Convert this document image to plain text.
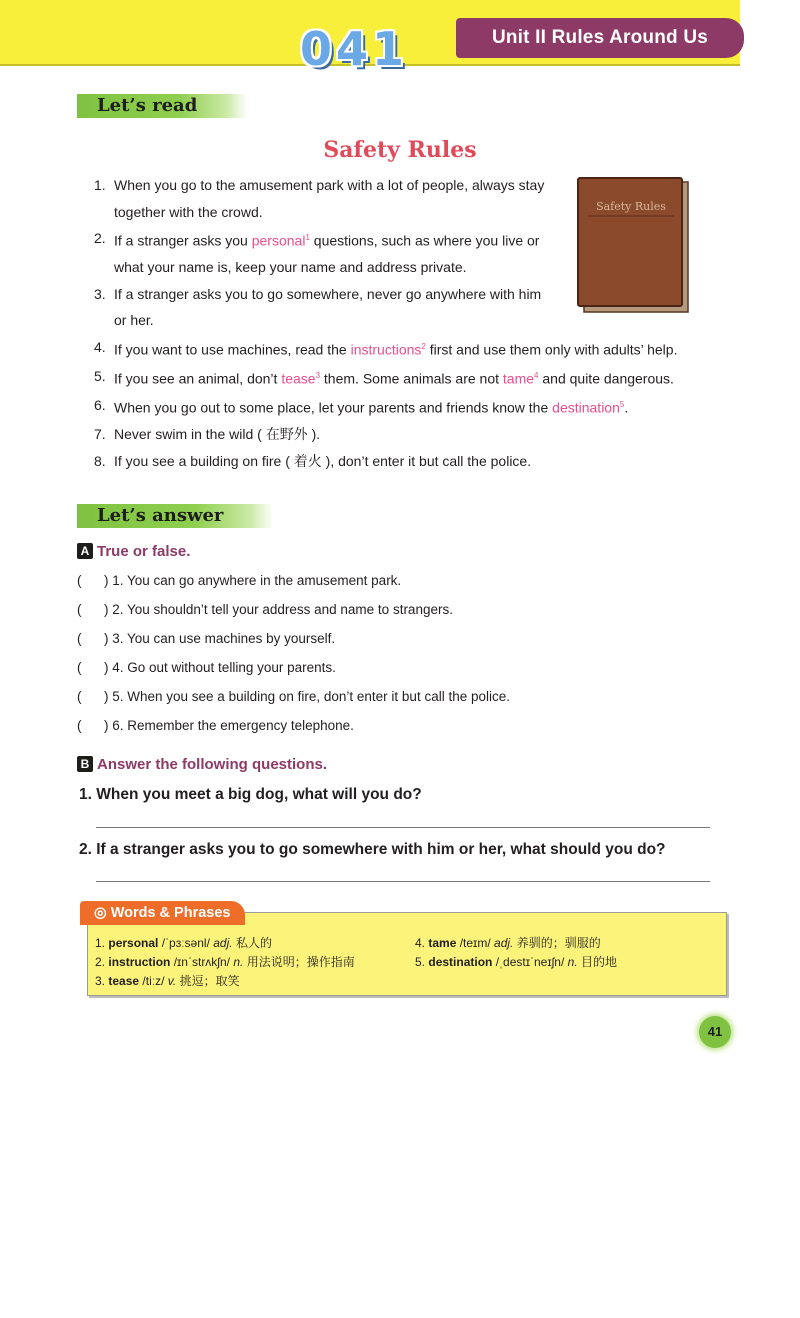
041	Unit II Rules Around Us
Let’s read
Safety Rules
1. When you go to the amusement park with a lot of people, always stay
together with the crowd.
2. If a stranger asks you personal$^1$ questions, such as where you live or
what your name is, keep your name and address private.
3. If a stranger asks you to go somewhere, never go anywhere with him
or her.
4. If you want to use machines, read the instructions$^2$ first and use them only with adults’ help.
5. If you see an animal, don’t tease$^3$ them. Some animals are not tame$^4$ and quite dangerous.
6. When you go out to some place, let your parents and friends know the destination$^5$.
7. Never swim in the wild ( 在野外 ).
8. If you see a building on fire ( 着火 ), don’t enter it but call the police.
Safety Rules
Let’s answer
A True or false.
(      ) 1. You can go anywhere in the amusement park.
(      ) 2. You shouldn’t tell your address and name to strangers.
(      ) 3. You can use machines by yourself.
(      ) 4. Go out without telling your parents.
(      ) 5. When you see a building on fire, don’t enter it but call the police.
(      ) 6. Remember the emergency telephone.
B Answer the following questions.
1. When you meet a big dog, what will you do?
2. If a stranger asks you to go somewhere with him or her, what should you do?
◎ Words & Phrases
1. personal /ˈpɜːsənl/ adj. 私人的
2. instruction /ɪnˈstrʌkʃn/ n. 用法说明；操作指南
3. tease /tiːz/ v. 挑逗；取笑
4. tame /teɪm/ adj. 养驯的；驯服的
5. destination /ˌdestɪˈneɪʃn/ n. 目的地
41
